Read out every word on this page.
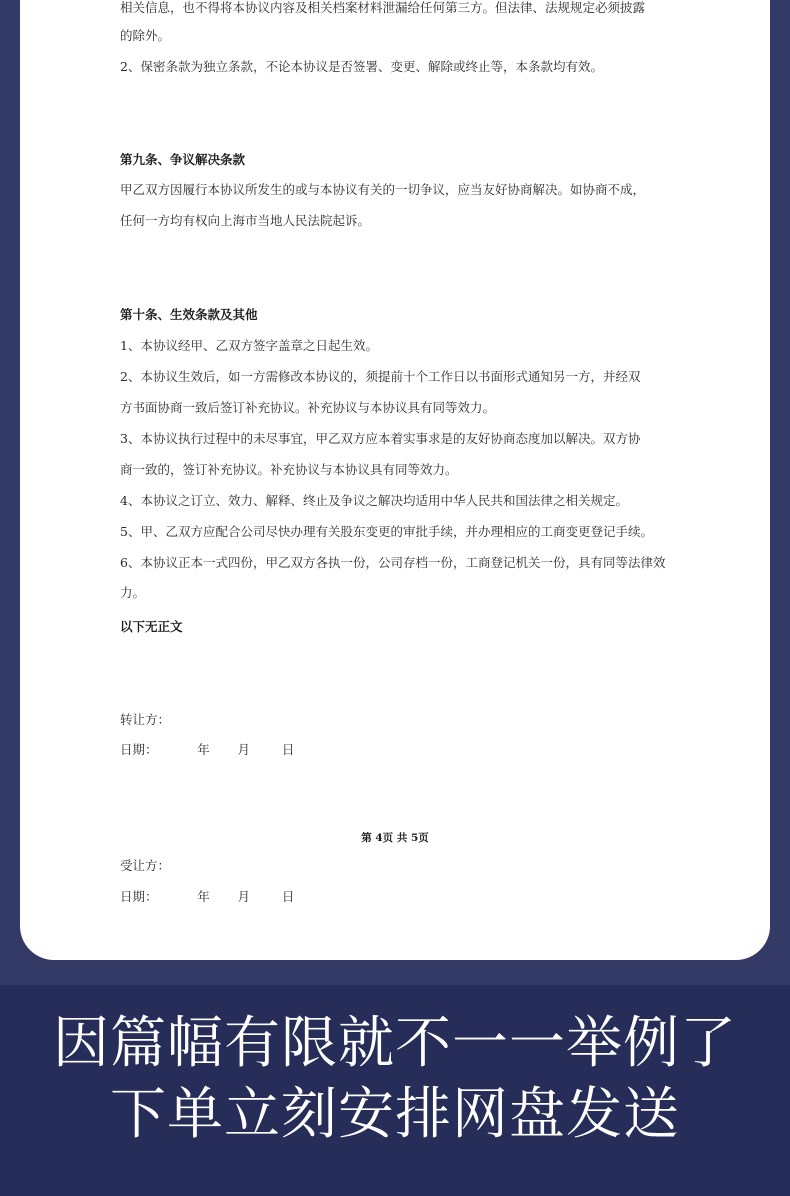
相关信息，也不得将本协议内容及相关档案材料泄漏给任何第三方。但法律、法规规定必须披露

的除外。

2、保密条款为独立条款，不论本协议是否签署、变更、解除或终止等，本条款均有效。

第九条、争议解决条款

甲乙双方因履行本协议所发生的或与本协议有关的一切争议，应当友好协商解决。如协商不成，

任何一方均有权向上海市当地人民法院起诉。

第十条、生效条款及其他

1、本协议经甲、乙双方签字盖章之日起生效。

2、本协议生效后，如一方需修改本协议的，须提前十个工作日以书面形式通知另一方，并经双

方书面协商一致后签订补充协议。补充协议与本协议具有同等效力。

3、本协议执行过程中的未尽事宜，甲乙双方应本着实事求是的友好协商态度加以解决。双方协

商一致的，签订补充协议。补充协议与本协议具有同等效力。

4、本协议之订立、效力、解释、终止及争议之解决均适用中华人民共和国法律之相关规定。

5、甲、乙双方应配合公司尽快办理有关股东变更的审批手续，并办理相应的工商变更登记手续。

6、本协议正本一式四份，甲乙双方各执一份，公司存档一份，工商登记机关一份，具有同等法律效

力。

以下无正文

转让方：

日期：          年       月        日

第 4页 共 5页

受让方：

日期：          年       月        日

因篇幅有限就不一一举例了
下单立刻安排网盘发送
